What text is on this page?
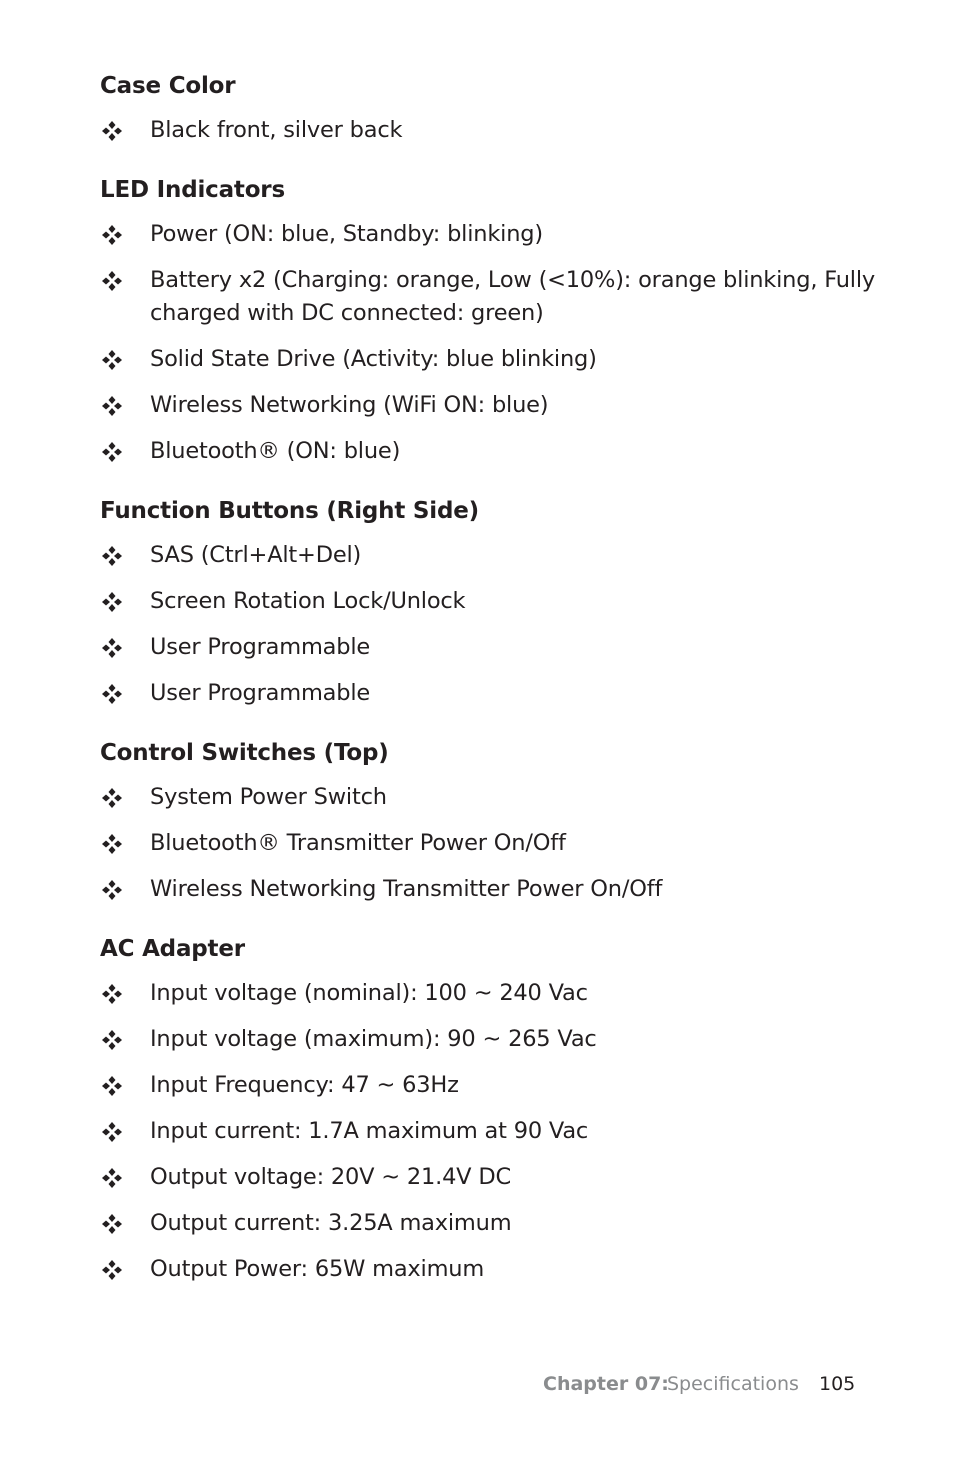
Case Color
Black front, silver back
LED Indicators
Power (ON: blue, Standby: blinking)
Battery x2 (Charging: orange, Low (<10%): orange blinking, Fully charged with DC connected: green)
Solid State Drive (Activity: blue blinking)
Wireless Networking (WiFi ON: blue)
Bluetooth® (ON: blue)
Function Buttons (Right Side)
SAS (Ctrl+Alt+Del)
Screen Rotation Lock/Unlock
User Programmable
User Programmable
Control Switches (Top)
System Power Switch
Bluetooth® Transmitter Power On/Off
Wireless Networking Transmitter Power On/Off
AC Adapter
Input voltage (nominal): 100 ~ 240 Vac
Input voltage (maximum): 90 ~ 265 Vac
Input Frequency: 47 ~ 63Hz
Input current: 1.7A maximum at 90 Vac
Output voltage: 20V ~ 21.4V DC
Output current: 3.25A maximum
Output Power: 65W maximum
Chapter 07:
Specifications 105
